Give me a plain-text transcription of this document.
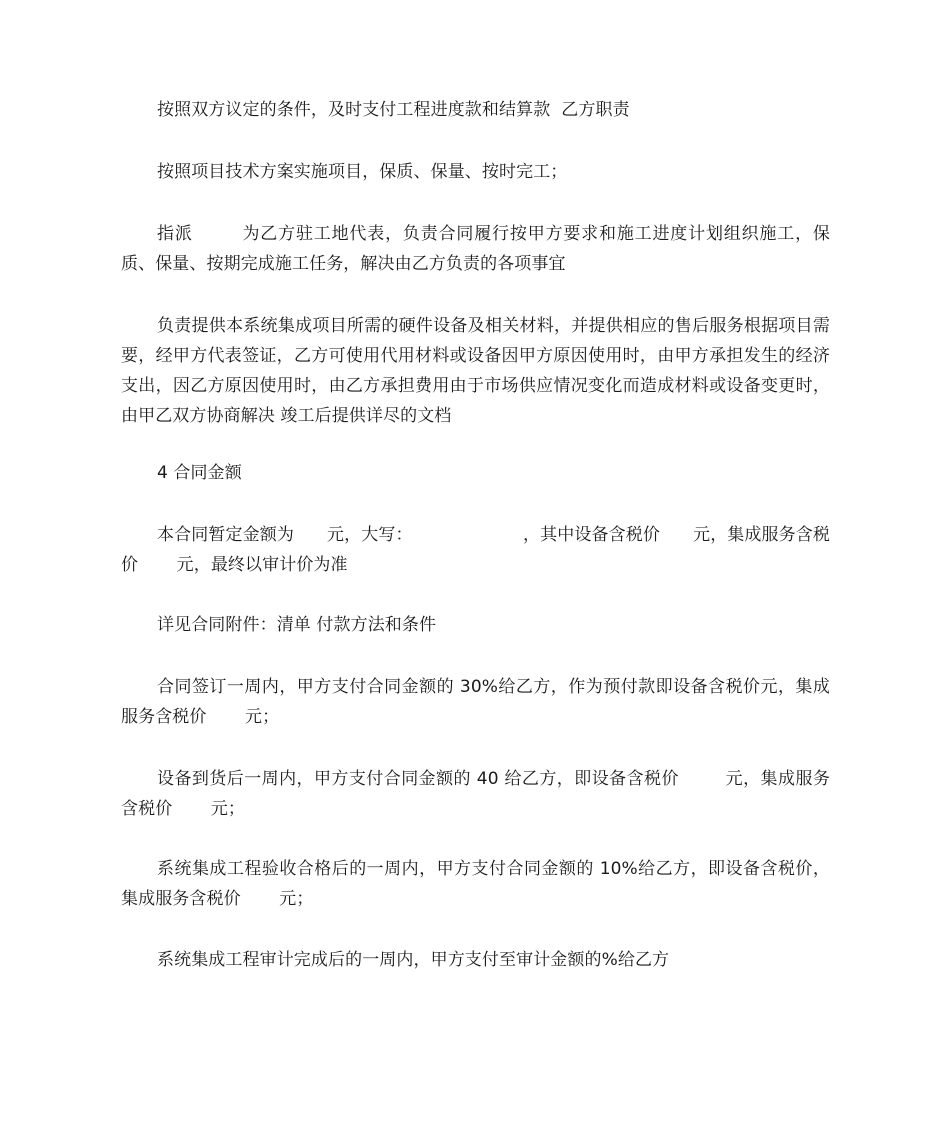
按照双方议定的条件，及时支付工程进度款和结算款  乙方职责

按照项目技术方案实施项目，保质、保量、按时完工；

指派        为乙方驻工地代表，负责合同履行按甲方要求和施工进度计划组织施工，保质、保量、按期完成施工任务，解决由乙方负责的各项事宜

负责提供本系统集成项目所需的硬件设备及相关材料，并提供相应的售后服务根据项目需要，经甲方代表签证，乙方可使用代用材料或设备因甲方原因使用时，由甲方承担发生的经济支出，因乙方原因使用时，由乙方承担费用由于市场供应情况变化而造成材料或设备变更时，由甲乙双方协商解决 竣工后提供详尽的文档

4 合同金额

本合同暂定金额为      元，大写：                    ，其中设备含税价      元，集成服务含税价       元，最终以审计价为准

详见合同附件：清单 付款方法和条件

合同签订一周内，甲方支付合同金额的 30%给乙方，作为预付款即设备含税价元，集成服务含税价       元；

设备到货后一周内，甲方支付合同金额的 40 给乙方，即设备含税价        元，集成服务含税价       元；

系统集成工程验收合格后的一周内，甲方支付合同金额的 10%给乙方，即设备含税价，集成服务含税价       元；

系统集成工程审计完成后的一周内，甲方支付至审计金额的%给乙方
